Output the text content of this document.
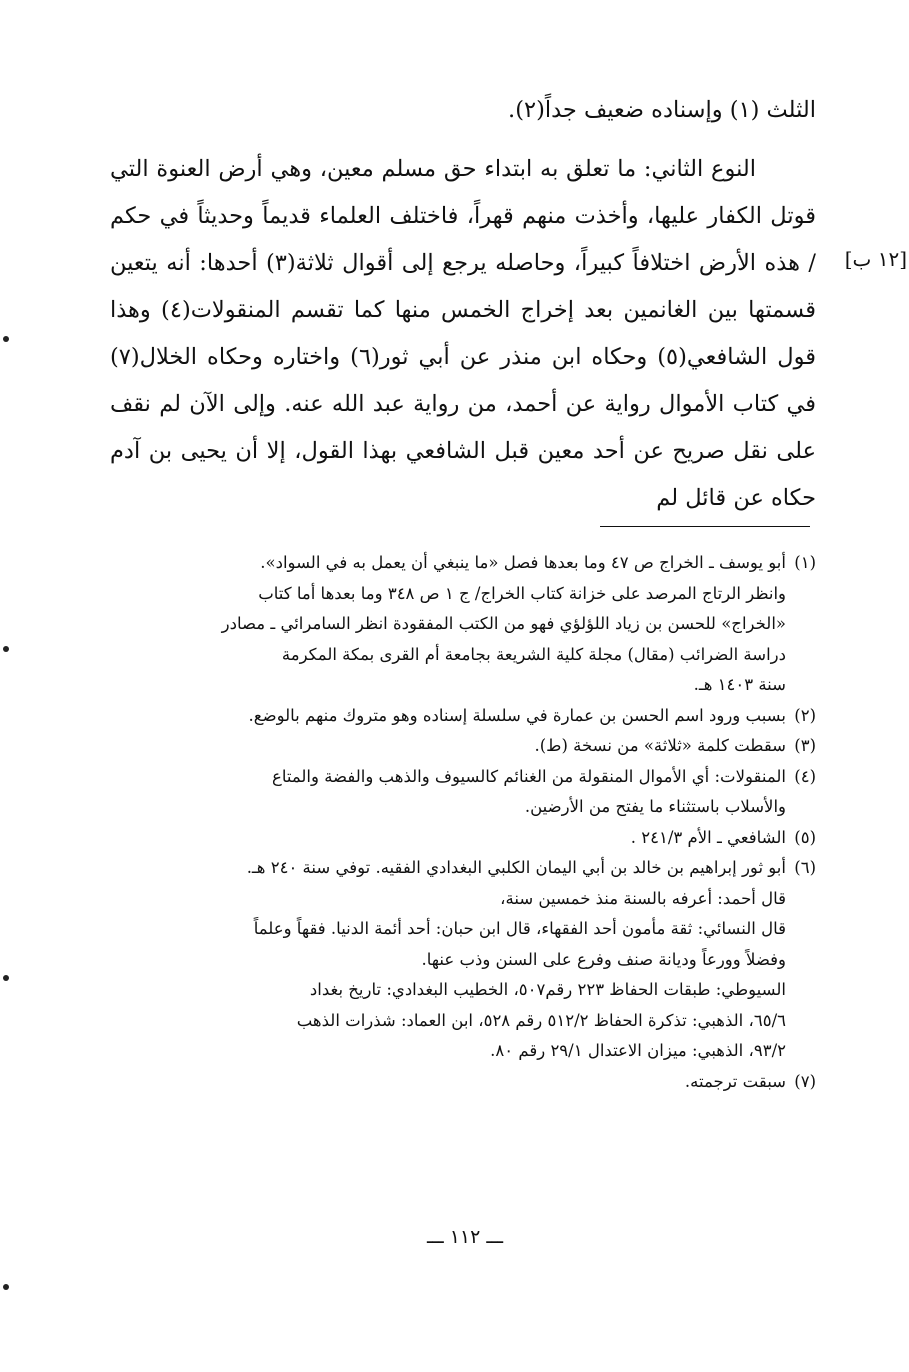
[١٢ ب]

الثلث (١) وإسناده ضعيف جداً(٢).

النوع الثاني: ما تعلق به ابتداء حق مسلم معين، وهي أرض العنوة التي قوتل الكفار عليها، وأخذت منهم قهراً، فاختلف العلماء قديماً وحديثاً في حكم / هذه الأرض اختلافاً كبيراً، وحاصله يرجع إلى أقوال ثلاثة(٣) أحدها: أنه يتعين قسمتها بين الغانمين بعد إخراج الخمس منها كما تقسم المنقولات(٤) وهذا قول الشافعي(٥) وحكاه ابن منذر عن أبي ثور(٦) واختاره وحكاه الخلال(٧) في كتاب الأموال رواية عن أحمد، من رواية عبد الله عنه. وإلى الآن لم نقف على نقل صريح عن أحد معين قبل الشافعي بهذا القول، إلا أن يحيى بن آدم حكاه عن قائل لم

(١)
أبو يوسف ـ الخراج ص ٤٧ وما بعدها فصل «ما ينبغي أن يعمل به في السواد».
وانظر الرتاج المرصد على خزانة كتاب الخراج/ ج ١ ص ٣٤٨ وما بعدها أما كتاب
«الخراج» للحسن بن زياد اللؤلؤي فهو من الكتب المفقودة انظر السامرائي ـ مصادر
دراسة الضرائب (مقال) مجلة كلية الشريعة بجامعة أم القرى بمكة المكرمة
سنة ١٤٠٣ هـ.
(٢)
بسبب ورود اسم الحسن بن عمارة في سلسلة إسناده وهو متروك منهم بالوضع.
(٣)
سقطت كلمة «ثلاثة» من نسخة (ط).
(٤)
المنقولات: أي الأموال المنقولة من الغنائم كالسيوف والذهب والفضة والمتاع
والأسلاب باستثناء ما يفتح من الأرضين.
(٥)
الشافعي ـ الأم ٢٤١/٣ .
(٦)
أبو ثور إبراهيم بن خالد بن أبي اليمان الكلبي البغدادي الفقيه. توفي سنة ٢٤٠ هـ.
قال أحمد: أعرفه بالسنة منذ خمسين سنة،
قال النسائي: ثقة مأمون أحد الفقهاء، قال ابن حبان: أحد أئمة الدنيا. فقهاً وعلماً
وفضلاً وورعاً وديانة صنف وفرع على السنن وذب عنها.
السيوطي: طبقات الحفاظ ٢٢٣ رقم٥٠٧، الخطيب البغدادي: تاريخ بغداد
٦٥/٦، الذهبي: تذكرة الحفاظ ٥١٢/٢ رقم ٥٢٨، ابن العماد: شذرات الذهب
٩٣/٢، الذهبي: ميزان الاعتدال ٢٩/١ رقم ٨٠.
(٧)
سبقت ترجمته.
ـــ ١١٢ ـــ
